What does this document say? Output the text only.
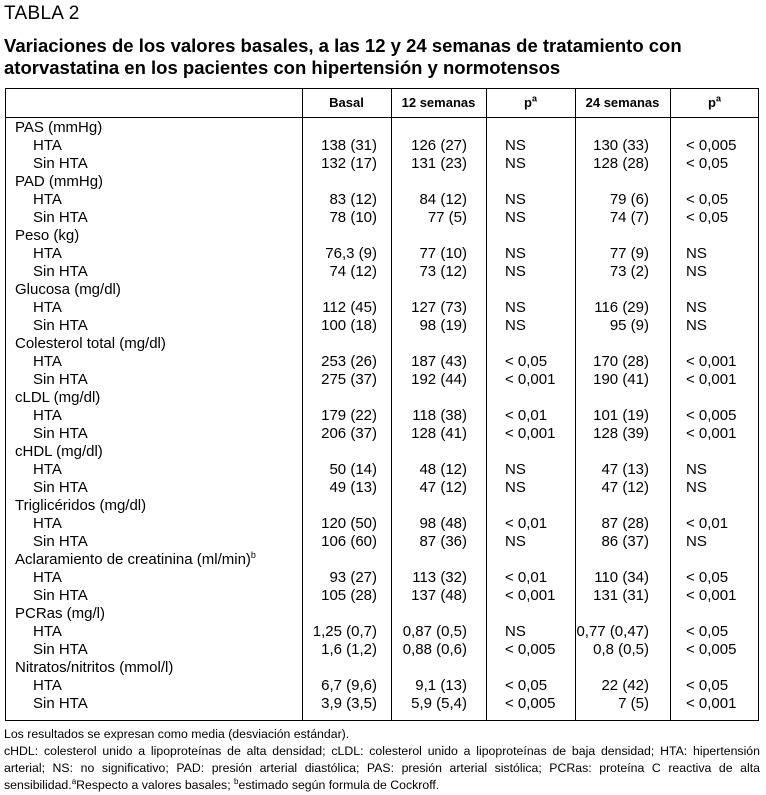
TABLA 2
Variaciones de los valores basales, a las 12 y 24 semanas de tratamiento con atorvastatina en los pacientes con hipertensión y normotensos
Basal	12 semanas	$p^a$	24 semanas	$p^a$
PAS (mmHg)
HTA	138 (31) 126 (27)	NS	130 (33) < 0,005
Sin HTA	132 (17) 131 (23)	NS	128 (28) < 0,05
PAD (mmHg)
HTA	83 (12)	84 (12)	NS	79 (6) < 0,05
Sin HTA	78 (10)	77 (5)	NS	74 (7) < 0,05
Peso (kg)
HTA	76,3 (9)	77 (10)	NS	77 (9) NS
Sin HTA	74 (12)	73 (12)	NS	73 (2) NS
Glucosa (mg/dl)
HTA	112 (45) 127 (73)	NS	116 (29) NS
Sin HTA	100 (18)	98 (19)	NS	95 (9) NS
Colesterol total (mg/dl)
HTA	253 (26) 187 (43)	< 0,05	170 (28) < 0,001
Sin HTA	275 (37) 192 (44)	< 0,001	190 (41) < 0,001
cLDL (mg/dl)
HTA	179 (22) 118 (38)	< 0,01	101 (19) < 0,005
Sin HTA	206 (37) 128 (41)	< 0,001	128 (39) < 0,001
cHDL (mg/dl)
HTA	50 (14)	48 (12)	NS	47 (13) NS
Sin HTA	49 (13)	47 (12)	NS	47 (12) NS
Triglicéridos (mg/dl)
HTA	120 (50)	98 (48)	< 0,01	87 (28) < 0,01
Sin HTA	106 (60)	87 (36)	NS	86 (37) NS
Aclaramiento de creatinina $(ml/\min)^b$
HTA	93 (27) 113 (32)	< 0,01	110 (34) < 0,05
Sin HTA	105 (28) 137 (48)	< 0,001	131 (31) < 0,001
PCRas (mg/l)
HTA	1,25 (0,7) 0,87 (0,5)	NS	0,77 (0,47) < 0,05
Sin HTA	1,6 (1,2) 0,88 (0,6)	< 0,005	0,8 (0,5) < 0,005
Nitratos/nitritos (mmol/l)
HTA	6,7 (9,6)	9,1 (13)	< 0,05	22 (42) < 0,05
Sin HTA	3,9 (3,5) 5,9 (5,4)	< 0,005	7 (5) < 0,001

Los resultados se expresan como media (desviación estándar).

cHDL: colesterol unido a lipoproteínas de alta densidad; cLDL: colesterol unido a lipoproteínas de baja densidad; HTA: hipertensión arterial; NS: no significativo; PAD: presión arterial diastólica; PAS: presión arterial sistólica; PCRas: proteína C reactiva de alta sensibilidad.$^a$Respecto a valores basales; $^b$estimado según formula de Cockroff.
